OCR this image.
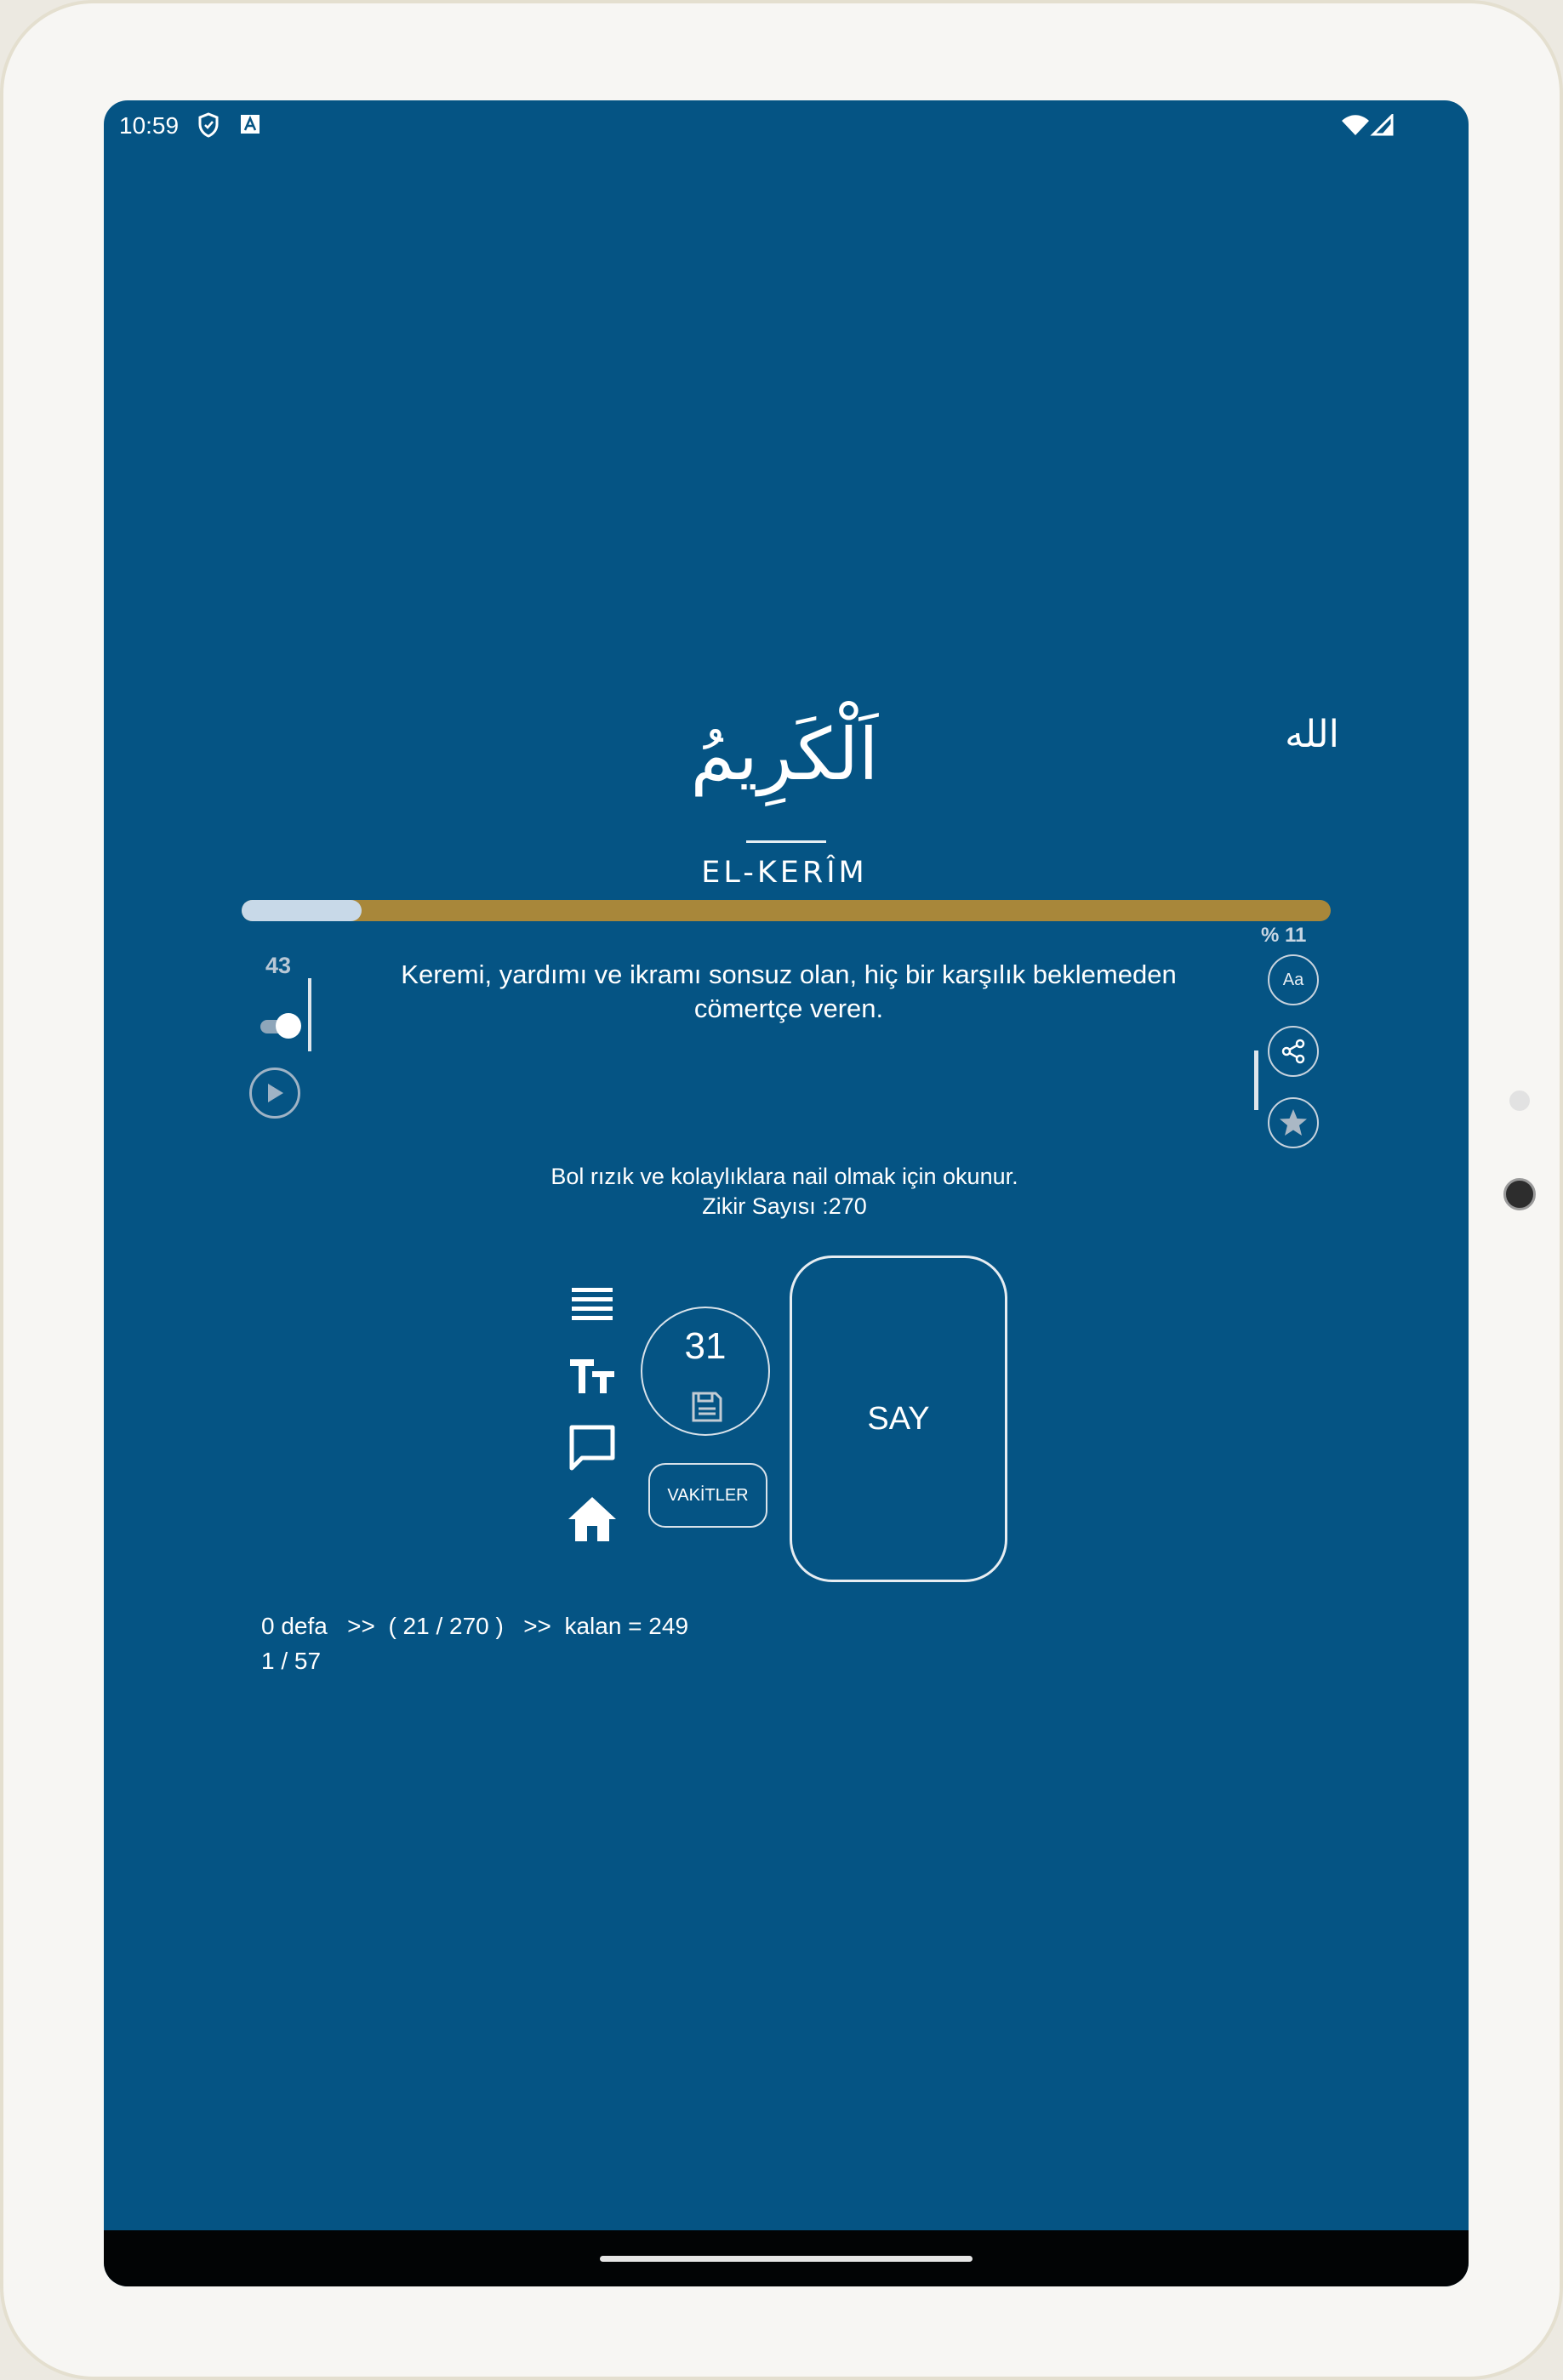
10:59
اَلْكَرِيمُ	الله
EL-KERÎM
% 11
43	Keremi, yardımı ve ikramı sonsuz olan, hiç bir karşılık beklemeden cömertçe veren.
Aa
Bol rızık ve kolaylıklara nail olmak için okunur.
Zikir Sayısı :270
31
VAKİTLER
SAY
0 defa   >>  ( 21 / 270 )   >>  kalan = 249
1 / 57
